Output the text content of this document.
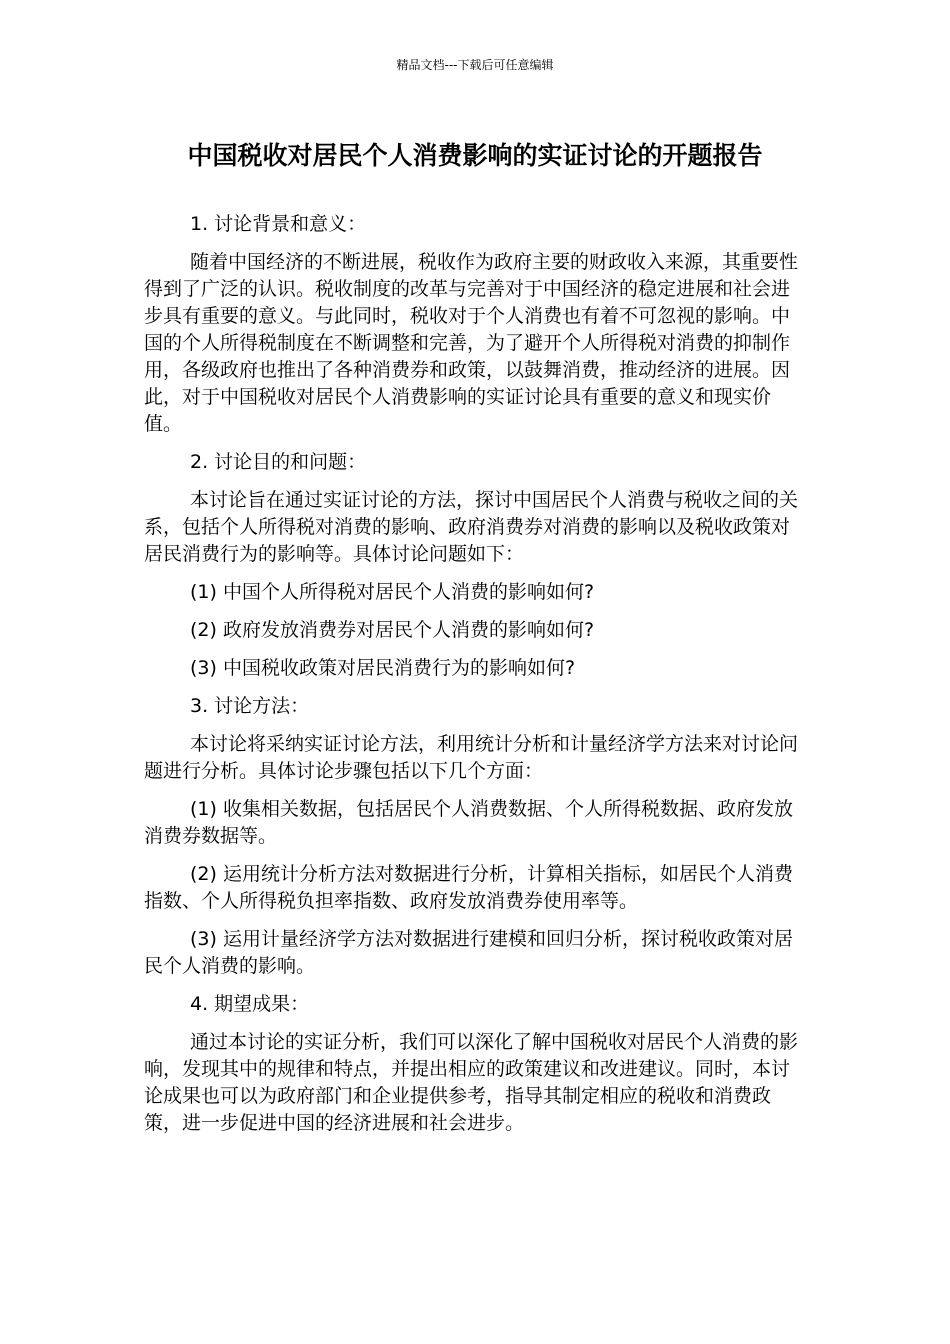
精品文档---下载后可任意编辑
中国税收对居民个人消费影响的实证讨论的开题报告

1. 讨论背景和意义：

随着中国经济的不断进展，税收作为政府主要的财政收入来源，其重要性得到了广泛的认识。税收制度的改革与完善对于中国经济的稳定进展和社会进步具有重要的意义。与此同时，税收对于个人消费也有着不可忽视的影响。中国的个人所得税制度在不断调整和完善，为了避开个人所得税对消费的抑制作用，各级政府也推出了各种消费券和政策，以鼓舞消费，推动经济的进展。因此，对于中国税收对居民个人消费影响的实证讨论具有重要的意义和现实价值。

2. 讨论目的和问题：

本讨论旨在通过实证讨论的方法，探讨中国居民个人消费与税收之间的关系，包括个人所得税对消费的影响、政府消费券对消费的影响以及税收政策对居民消费行为的影响等。具体讨论问题如下：

(1) 中国个人所得税对居民个人消费的影响如何?

(2) 政府发放消费券对居民个人消费的影响如何?

(3) 中国税收政策对居民消费行为的影响如何?

3. 讨论方法：

本讨论将采纳实证讨论方法，利用统计分析和计量经济学方法来对讨论问题进行分析。具体讨论步骤包括以下几个方面：

(1) 收集相关数据，包括居民个人消费数据、个人所得税数据、政府发放消费券数据等。

(2) 运用统计分析方法对数据进行分析，计算相关指标，如居民个人消费指数、个人所得税负担率指数、政府发放消费券使用率等。

(3) 运用计量经济学方法对数据进行建模和回归分析，探讨税收政策对居民个人消费的影响。

4. 期望成果：

通过本讨论的实证分析，我们可以深化了解中国税收对居民个人消费的影响，发现其中的规律和特点，并提出相应的政策建议和改进建议。同时，本讨论成果也可以为政府部门和企业提供参考，指导其制定相应的税收和消费政策，进一步促进中国的经济进展和社会进步。
